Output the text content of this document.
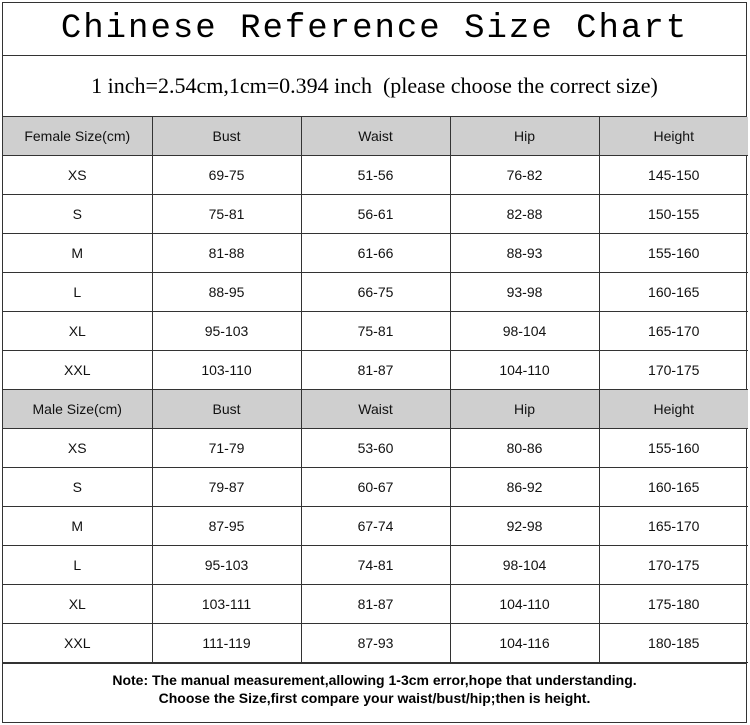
Chinese Reference Size Chart
1 inch=2.54cm,1cm=0.394 inch  (please choose the correct size)
Female Size(cm)	Bust	Waist	Hip	Height
XS	69-75	51-56	76-82	145-150
S	75-81	56-61	82-88	150-155
M	81-88	61-66	88-93	155-160
L	88-95	66-75	93-98	160-165
XL	95-103	75-81	98-104	165-170
XXL	103-110	81-87	104-110	170-175
Male Size(cm)	Bust	Waist	Hip	Height
XS	71-79	53-60	80-86	155-160
S	79-87	60-67	86-92	160-165
M	87-95	67-74	92-98	165-170
L	95-103	74-81	98-104	170-175
XL	103-111	81-87	104-110	175-180
XXL	111-119	87-93	104-116	180-185
Note: The manual measurement,allowing 1-3cm error,hope that understanding.
Choose the Size,first compare your waist/bust/hip;then is height.
